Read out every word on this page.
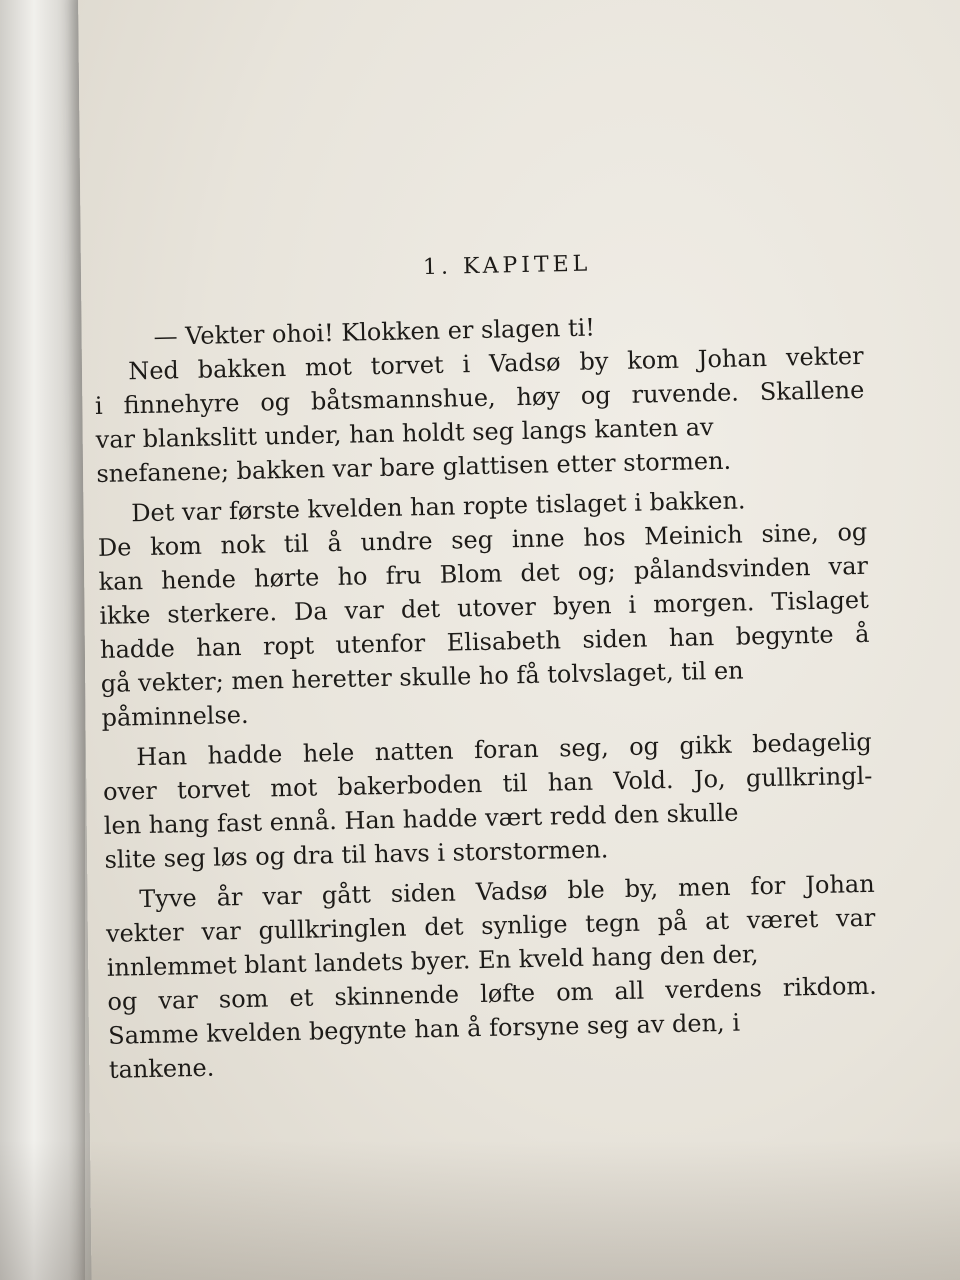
1. KAPITEL
— Vekter ohoi! Klokken er slagen ti!
Ned bakken mot torvet i Vadsø by kom Johan vekter
i finnehyre og båtsmannshue, høy og ruvende. Skallene
var blankslitt under, han holdt seg langs kanten av
snefanene; bakken var bare glattisen etter stormen.
Det var første kvelden han ropte tislaget i bakken.
De kom nok til å undre seg inne hos Meinich sine, og
kan hende hørte ho fru Blom det og; pålandsvinden var
ikke sterkere. Da var det utover byen i morgen. Tislaget
hadde han ropt utenfor Elisabeth siden han begynte å
gå vekter; men heretter skulle ho få tolvslaget, til en
påminnelse.
Han hadde hele natten foran seg, og gikk bedagelig
over torvet mot bakerboden til han Vold. Jo, gullkringl-
len hang fast ennå. Han hadde vært redd den skulle
slite seg løs og dra til havs i storstormen.
Tyve år var gått siden Vadsø ble by, men for Johan
vekter var gullkringlen det synlige tegn på at været var
innlemmet blant landets byer. En kveld hang den der,
og var som et skinnende løfte om all verdens rikdom.
Samme kvelden begynte han å forsyne seg av den, i
tankene.
